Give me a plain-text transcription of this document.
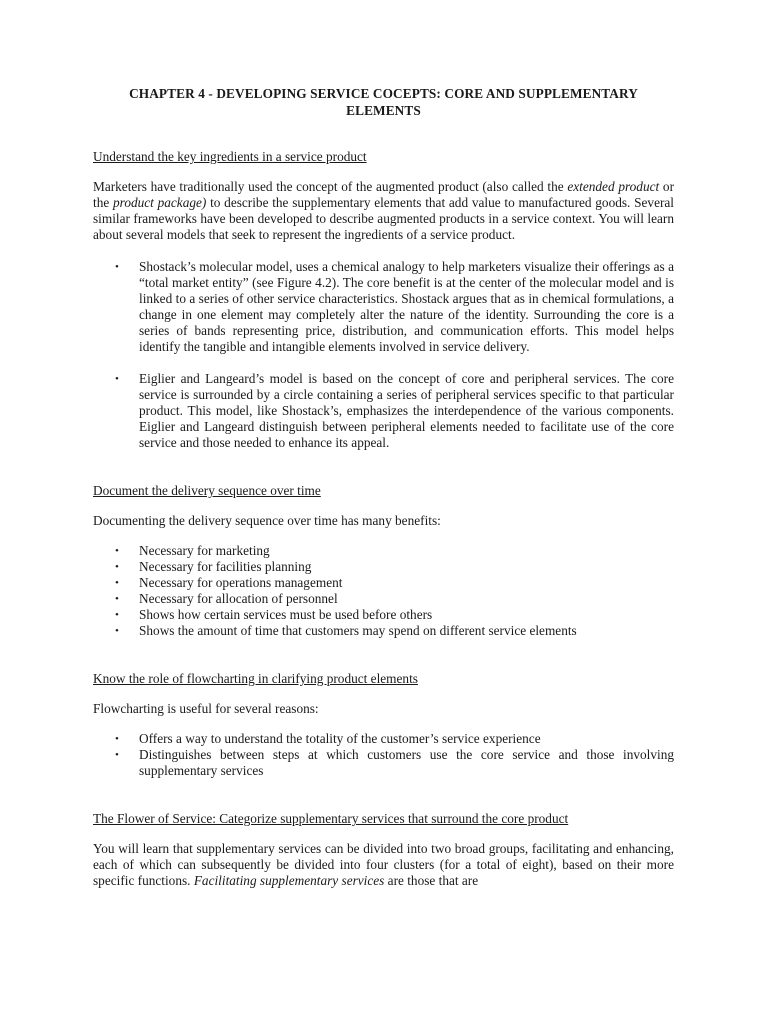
CHAPTER 4 - DEVELOPING SERVICE COCEPTS: CORE AND SUPPLEMENTARY ELEMENTS

Understand the key ingredients in a service product

Marketers have traditionally used the concept of the augmented product (also called the extended product or the product package) to describe the supplementary elements that add value to manufactured goods. Several similar frameworks have been developed to describe augmented products in a service context. You will learn about several models that seek to represent the ingredients of a service product.

• Shostack’s molecular model, uses a chemical analogy to help marketers visualize their offerings as a “total market entity” (see Figure 4.2). The core benefit is at the center of the molecular model and is linked to a series of other service characteristics. Shostack argues that as in chemical formulations, a change in one element may completely alter the nature of the identity. Surrounding the core is a series of bands representing price, distribution, and communication efforts. This model helps identify the tangible and intangible elements involved in service delivery.
• Eiglier and Langeard’s model is based on the concept of core and peripheral services. The core service is surrounded by a circle containing a series of peripheral services specific to that particular product. This model, like Shostack’s, emphasizes the interdependence of the various components. Eiglier and Langeard distinguish between peripheral elements needed to facilitate use of the core service and those needed to enhance its appeal.

Document the delivery sequence over time

Documenting the delivery sequence over time has many benefits:

• Necessary for marketing
• Necessary for facilities planning
• Necessary for operations management
• Necessary for allocation of personnel
• Shows how certain services must be used before others
• Shows the amount of time that customers may spend on different service elements

Know the role of flowcharting in clarifying product elements

Flowcharting is useful for several reasons:

• Offers a way to understand the totality of the customer’s service experience
• Distinguishes between steps at which customers use the core service and those involving supplementary services

The Flower of Service: Categorize supplementary services that surround the core product

You will learn that supplementary services can be divided into two broad groups, facilitating and enhancing, each of which can subsequently be divided into four clusters (for a total of eight), based on their more specific functions. Facilitating supplementary services are those that are
